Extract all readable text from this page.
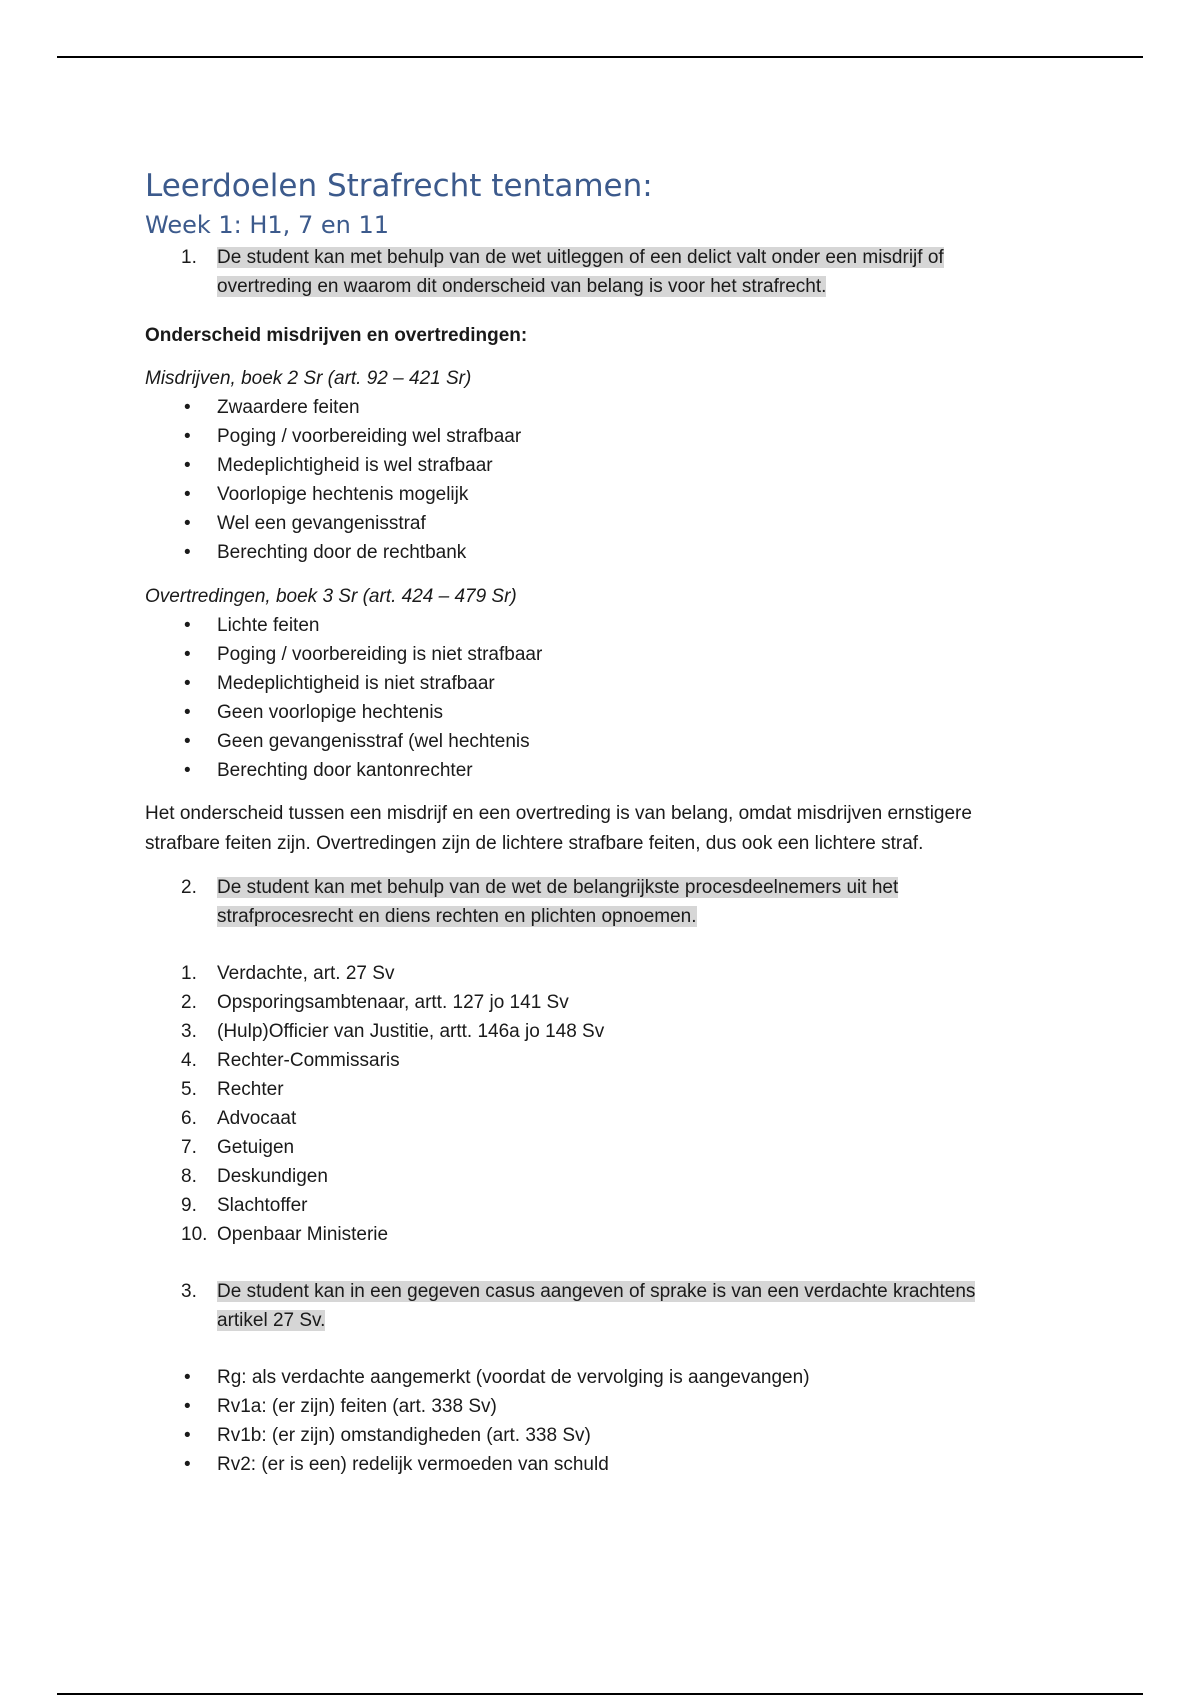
Leerdoelen Strafrecht tentamen:
Week 1: H1, 7 en 11
1.	De student kan met behulp van de wet uitleggen of een delict valt onder een misdrijf of overtreding en waarom dit onderscheid van belang is voor het strafrecht.
Onderscheid misdrijven en overtredingen:
Misdrijven, boek 2 Sr (art. 92 – 421 Sr)
•	Zwaardere feiten
•	Poging / voorbereiding wel strafbaar
•	Medeplichtigheid is wel strafbaar
•	Voorlopige hechtenis mogelijk
•	Wel een gevangenisstraf
•	Berechting door de rechtbank
Overtredingen, boek 3 Sr (art. 424 – 479 Sr)
•	Lichte feiten
•	Poging / voorbereiding is niet strafbaar
•	Medeplichtigheid is niet strafbaar
•	Geen voorlopige hechtenis
•	Geen gevangenisstraf (wel hechtenis
•	Berechting door kantonrechter

Het onderscheid tussen een misdrijf en een overtreding is van belang, omdat misdrijven ernstigere strafbare feiten zijn. Overtredingen zijn de lichtere strafbare feiten, dus ook een lichtere straf.

2.	De student kan met behulp van de wet de belangrijkste procesdeelnemers uit het strafprocesrecht en diens rechten en plichten opnoemen.
1.	Verdachte, art. 27 Sv
2.	Opsporingsambtenaar, artt. 127 jo 141 Sv
3.	(Hulp)Officier van Justitie, artt. 146a jo 148 Sv
4.	Rechter-Commissaris
5.	Rechter
6.	Advocaat
7.	Getuigen
8.	Deskundigen
9.	Slachtoffer
10. Openbaar Ministerie
3.	De student kan in een gegeven casus aangeven of sprake is van een verdachte krachtens artikel 27 Sv.
•	Rg: als verdachte aangemerkt (voordat de vervolging is aangevangen)
•	Rv1a: (er zijn) feiten (art. 338 Sv)
•	Rv1b: (er zijn) omstandigheden (art. 338 Sv)
•	Rv2: (er is een) redelijk vermoeden van schuld
